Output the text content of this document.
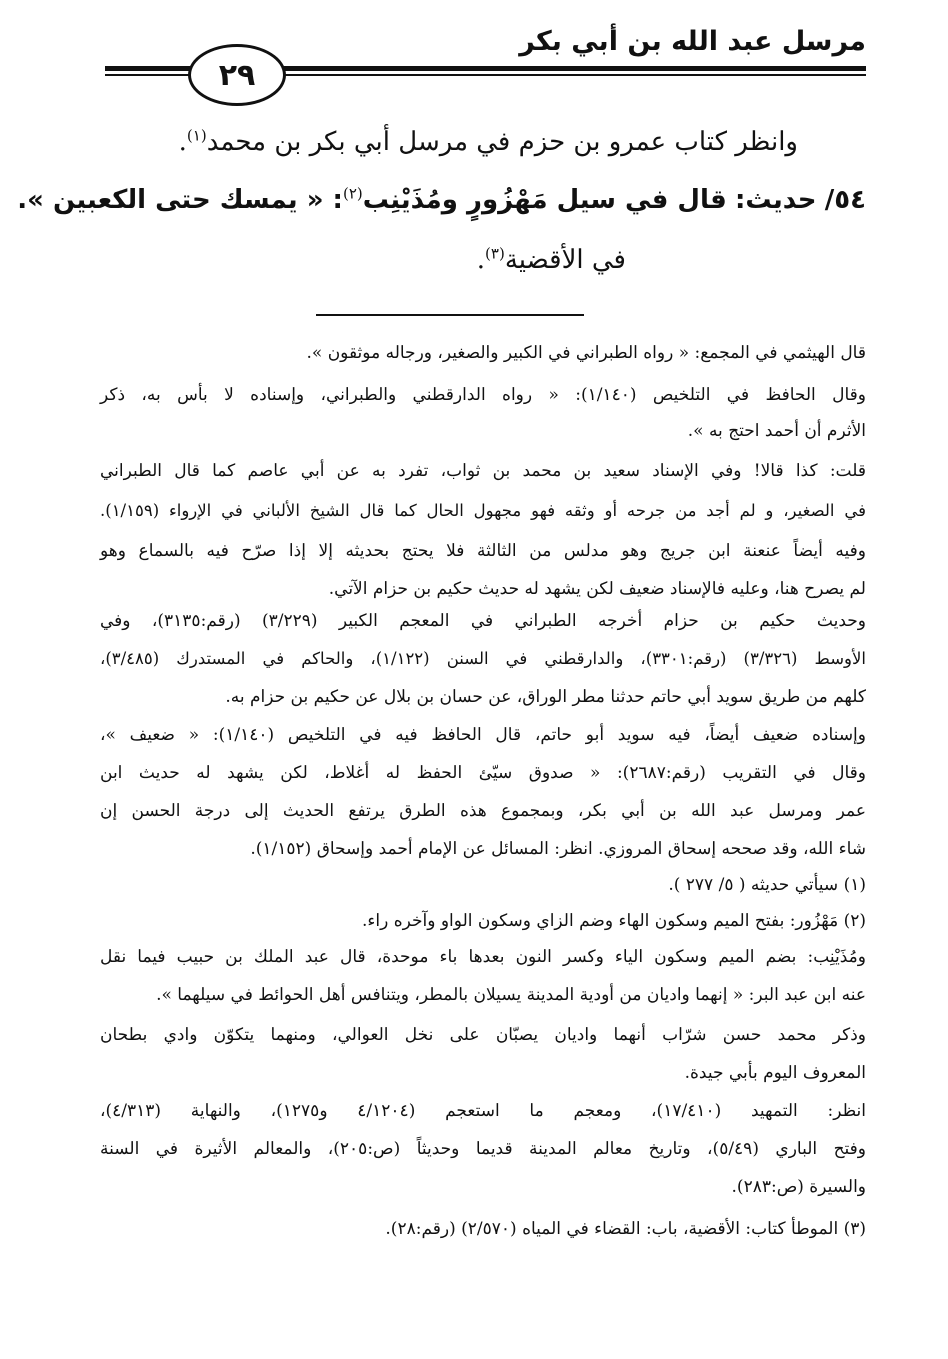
مرسل عبد الله بن أبي بكر
٢٩
وانظر كتاب عمرو بن حزم في مرسل أبي بكر بن محمد$^{(١)}$.
٥٤/ حديث: قال في سيل مَهْزُورٍ ومُذَيْنِب$^{(٢)}$: « يمسك حتى الكعبين ».
في الأقضية$^{(٣)}$.
قال الهيثمي في المجمع: « رواه الطبراني في الكبير والصغير، ورجاله موثقون ».
وقال الحافظ في التلخيص (١/١٤٠): « رواه الدارقطني والطبراني، وإسناده لا بأس به، ذكر
الأثرم أن أحمد احتج به ».
قلت: كذا قالا! وفي الإسناد سعيد بن محمد بن ثواب، تفرد به عن أبي عاصم كما قال الطبراني
في الصغير، و لم أجد من جرحه أو وثقه فهو مجهول الحال كما قال الشيخ الألباني في الإرواء (١/١٥٩).
وفيه أيضاً عنعنة ابن جريج وهو مدلس من الثالثة فلا يحتج بحديثه إلا إذا صرّح فيه بالسماع وهو
لم يصرح هنا، وعليه فالإسناد ضعيف لكن يشهد له حديث حكيم بن حزام الآتي.
وحديث حكيم بن حزام أخرجه الطبراني في المعجم الكبير (٣/٢٢٩) (رقم:٣١٣٥)، وفي
الأوسط (٣/٣٢٦) (رقم:٣٣٠١)، والدارقطني في السنن (١/١٢٢)، والحاكم في المستدرك (٣/٤٨٥)،
كلهم من طريق سويد أبي حاتم حدثنا مطر الوراق، عن حسان بن بلال عن حكيم بن حزام به.
وإسناده ضعيف أيضاً، فيه سويد أبو حاتم، قال الحافظ فيه في التلخيص (١/١٤٠): « ضعيف »،
وقال في التقريب (رقم:٢٦٨٧): « صدوق سيّئ الحفظ له أغلاط، لكن يشهد له حديث ابن
عمر ومرسل عبد الله بن أبي بكر، وبمجموع هذه الطرق يرتفع الحديث إلى درجة الحسن إن
شاء الله، وقد صححه إسحاق المروزي. انظر: المسائل عن الإمام أحمد وإسحاق (١/١٥٢).
(١) سيأتي حديثه ( ٥/ ٢٧٧ ).
(٢) مَهْزُور: بفتح الميم وسكون الهاء وضم الزاي وسكون الواو وآخره راء.
ومُذَيْنِب: بضم الميم وسكون الياء وكسر النون بعدها باء موحدة، قال عبد الملك بن حبيب فيما نقل
عنه ابن عبد البر: « إنهما واديان من أودية المدينة يسيلان بالمطر، ويتنافس أهل الحوائط في سيلهما ».
وذكر محمد حسن شرّاب أنهما واديان يصبّان على نخل العوالي، ومنهما يتكوّن وادي بطحان
المعروف اليوم بأبي جيدة.
انظر: التمهيد (١٧/٤١٠)، ومعجم ما استعجم (٤/١٢٠٤ و١٢٧٥)، والنهاية (٤/٣١٣)،
وفتح الباري (٥/٤٩)، وتاريخ معالم المدينة قديما وحديثاً (ص:٢٠٥)، والمعالم الأثيرة في السنة
والسيرة (ص:٢٨٣).
(٣) الموطأ كتاب: الأقضية، باب: القضاء في المياه (٢/٥٧٠) (رقم:٢٨).
